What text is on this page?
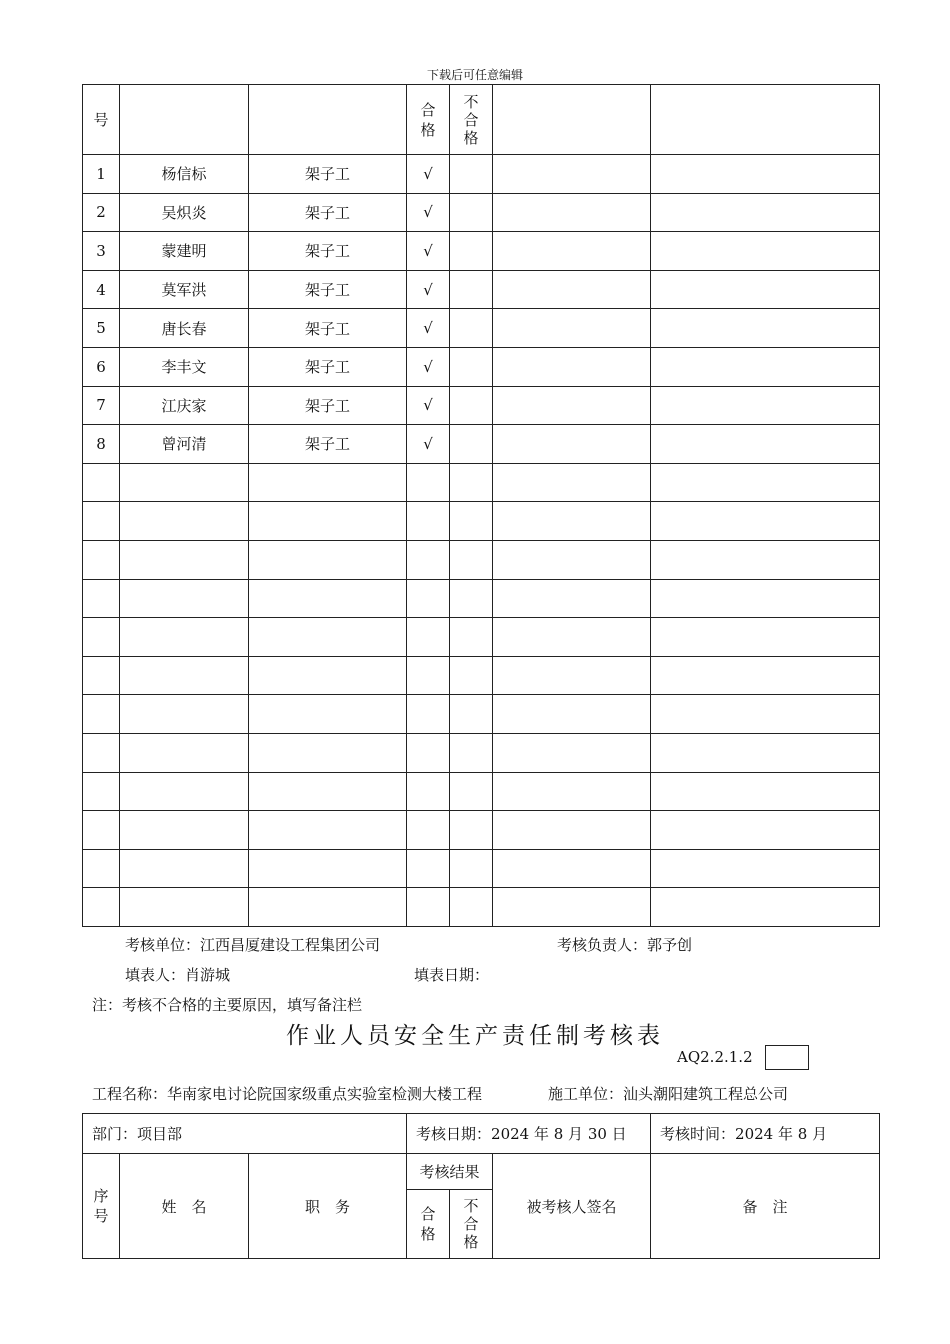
下载后可任意编辑
号			合格	不合格		
1	杨信标	架子工	√			
2	吴炽炎	架子工	√			
3	蒙建明	架子工	√			
4	莫军洪	架子工	√			
5	唐长春	架子工	√			
6	李丰文	架子工	√			
7	江庆家	架子工	√			
8	曾河清	架子工	√			

考核单位：江西昌厦建设工程集团公司	考核负责人：郭予创
填表人：肖游城	填表日期：
注：考核不合格的主要原因，填写备注栏
作业人员安全生产责任制考核表
AQ2.2.1.2
工程名称：华南家电讨论院国家级重点实验室检测大楼工程	施工单位：汕头潮阳建筑工程总公司
部门：项目部			考核日期：2024 年 8 月 30 日			考核时间：2024 年 8 月
序号	姓　名	职　务	考核结果		被考核人签名	备　注
			合格	不合格		
